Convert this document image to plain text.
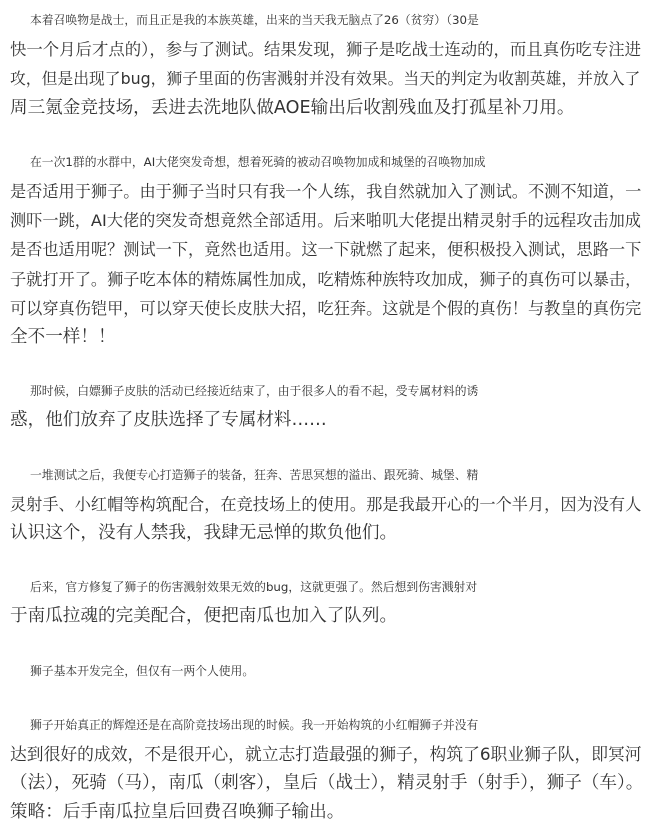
本着召唤物是战士，而且正是我的本族英雄，出来的当天我无脑点了26（贫穷）（30是
快一个月后才点的），参与了测试。结果发现，狮子是吃战士连动的，而且真伤吃专注进
攻，但是出现了bug，狮子里面的伤害溅射并没有效果。当天的判定为收割英雄，并放入了
周三氪金竞技场，丢进去洗地队做AOE输出后收割残血及打孤星补刀用。

在一次1群的水群中，AI大佬突发奇想，想着死骑的被动召唤物加成和城堡的召唤物加成
是否适用于狮子。由于狮子当时只有我一个人练，我自然就加入了测试。不测不知道，一
测吓一跳，AI大佬的突发奇想竟然全部适用。后来啪叽大佬提出精灵射手的远程攻击加成
是否也适用呢？测试一下，竟然也适用。这一下就燃了起来，便积极投入测试，思路一下
子就打开了。狮子吃本体的精炼属性加成，吃精炼种族特攻加成，狮子的真伤可以暴击，
可以穿真伤铠甲，可以穿天使长皮肤大招，吃狂奔。这就是个假的真伤！与教皇的真伤完
全不一样！！

那时候，白嫖狮子皮肤的活动已经接近结束了，由于很多人的看不起，受专属材料的诱
惑，他们放弃了皮肤选择了专属材料……

一堆测试之后，我便专心打造狮子的装备，狂奔、苦思冥想的溢出、跟死骑、城堡、精
灵射手、小红帽等构筑配合，在竞技场上的使用。那是我最开心的一个半月，因为没有人
认识这个，没有人禁我，我肆无忌惮的欺负他们。

后来，官方修复了狮子的伤害溅射效果无效的bug，这就更强了。然后想到伤害溅射对
于南瓜拉魂的完美配合，便把南瓜也加入了队列。

狮子基本开发完全，但仅有一两个人使用。

狮子开始真正的辉煌还是在高阶竞技场出现的时候。我一开始构筑的小红帽狮子并没有
达到很好的成效，不是很开心，就立志打造最强的狮子，构筑了6职业狮子队，即冥河
（法），死骑（马），南瓜（刺客），皇后（战士），精灵射手（射手），狮子（车）。
策略：后手南瓜拉皇后回费召唤狮子输出。
